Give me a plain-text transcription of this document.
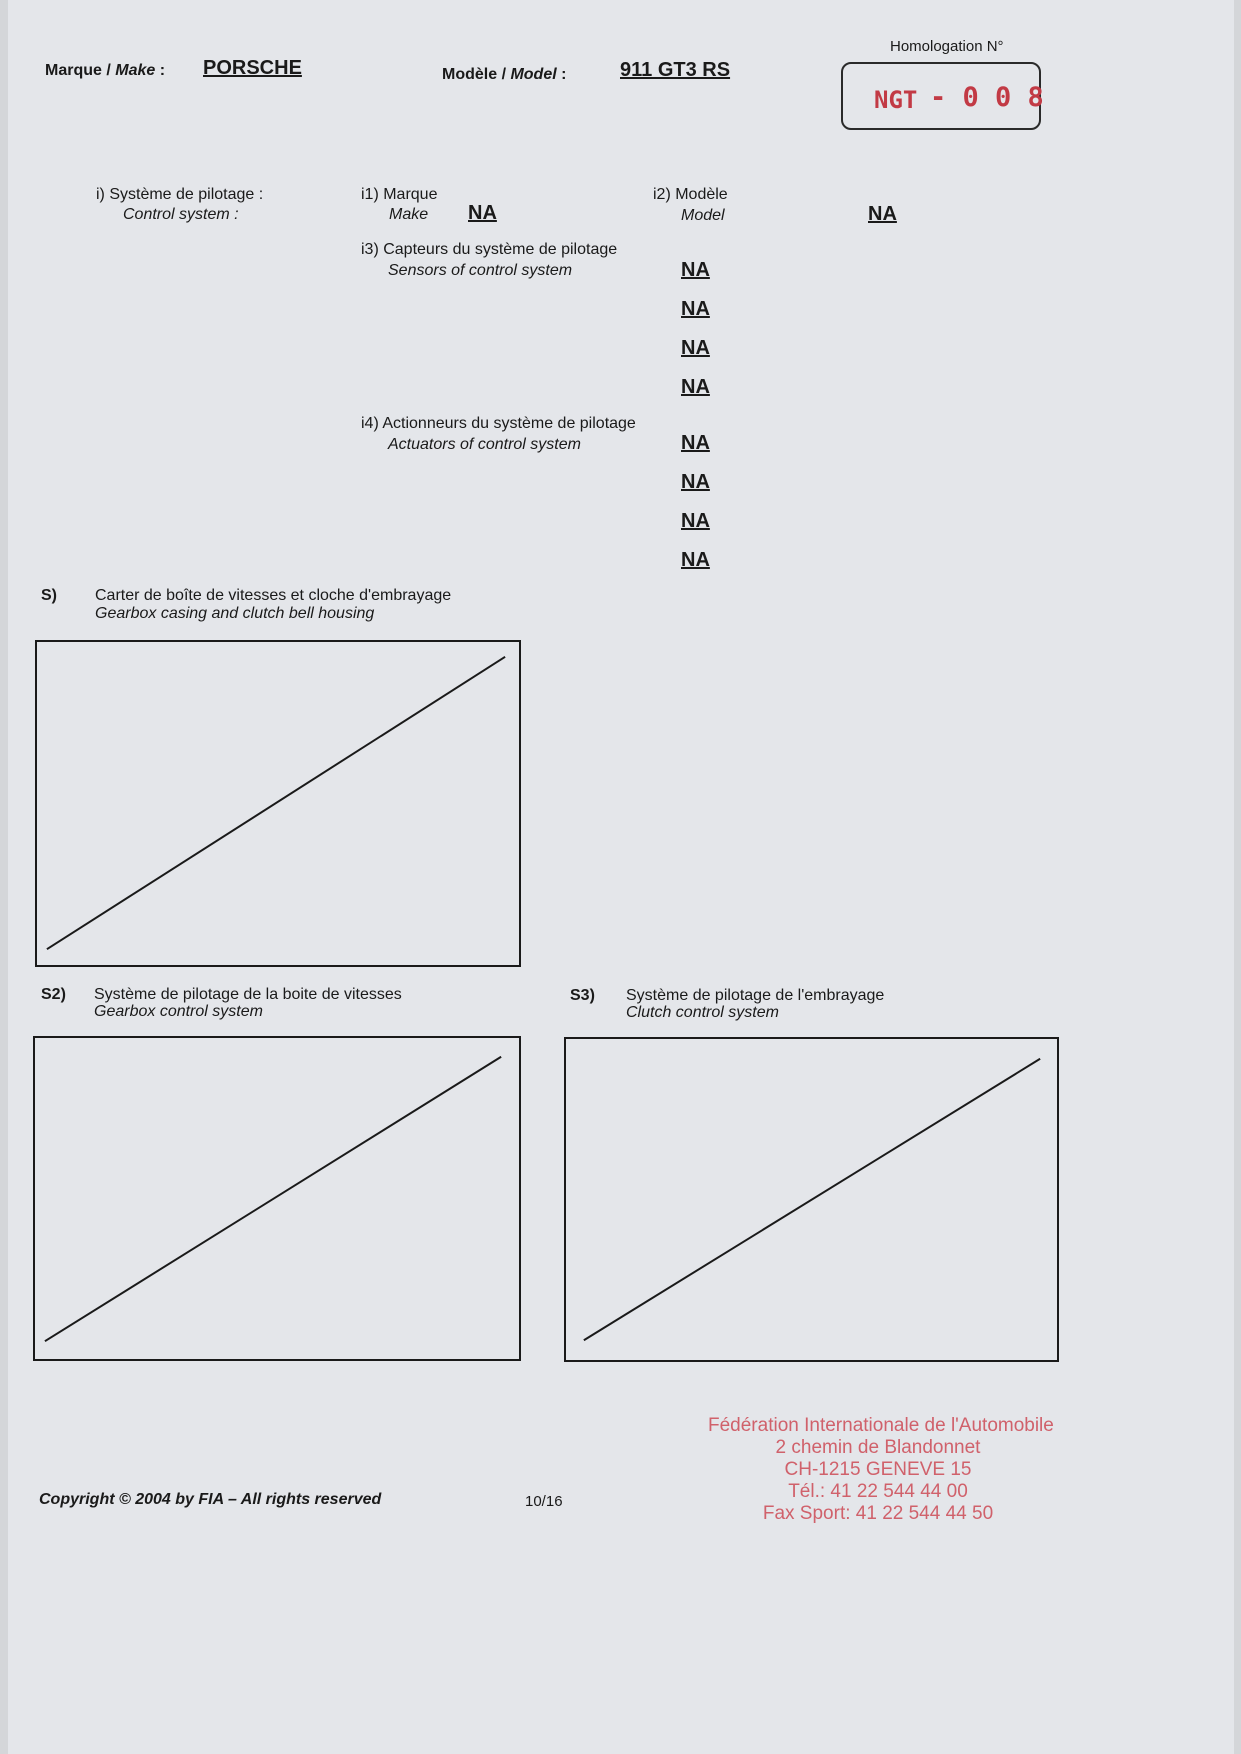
Marque / Make : PORSCHE	Modèle / Model :	911 GT3 RS
Homologation N°
NGT - 0 0 8
i) Système de pilotage :
Control system :
i1) Marque
Make NA
i2) Modèle
Model	NA
i3) Capteurs du système de pilotage
Sensors of control system	NA
NA
NA
NA
i4) Actionneurs du système de pilotage
Actuators of control system	NA
NA
NA
NA
S) Carter de boîte de vitesses et cloche d'embrayage
Gearbox casing and clutch bell housing
S2) Système de pilotage de la boite de vitesses
Gearbox control system
S3) Système de pilotage de l'embrayage
Clutch control system
Copyright © 2004 by FIA – All rights reserved	10/16
Fédération Internationale de l'Automobile
2 chemin de Blandonnet
CH-1215 GENEVE 15
Tél.: 41 22 544 44 00
Fax Sport: 41 22 544 44 50
